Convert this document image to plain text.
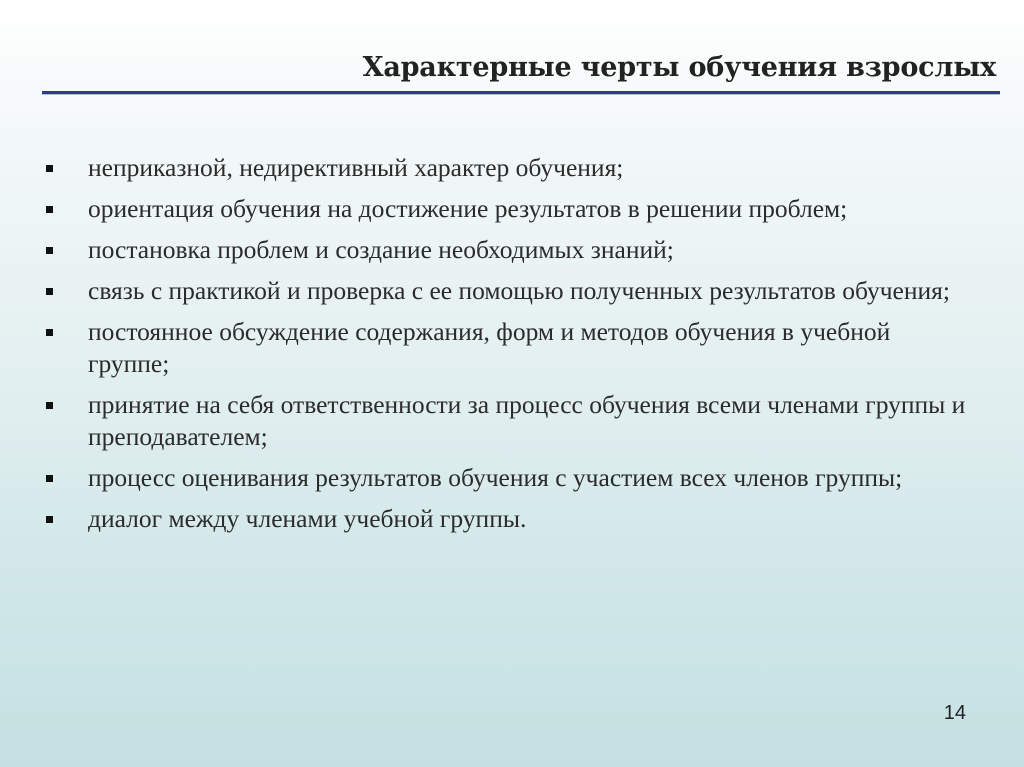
Характерные черты обучения взрослых
неприказной, недирективный характер обучения;
ориентация обучения на достижение результатов в решении проблем;
постановка проблем и создание необходимых знаний;
связь с практикой и проверка с ее помощью полученных результатов обучения;
постоянное обсуждение содержания, форм и методов обучения в учебной группе;
принятие на себя ответственности за процесс обучения всеми членами группы и преподавателем;
процесс оценивания результатов обучения с участием всех членов группы;
диалог между членами учебной группы.
14
